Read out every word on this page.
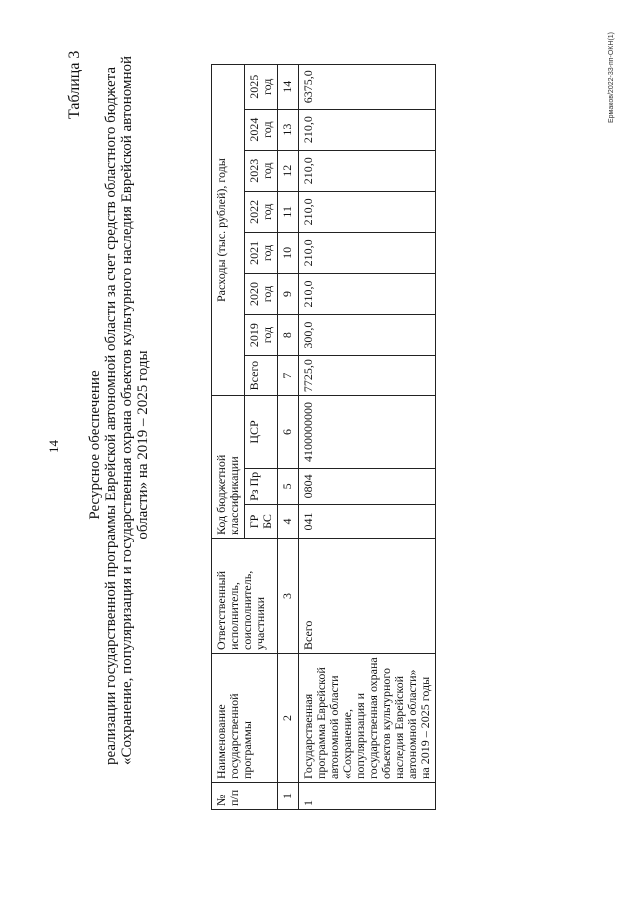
14
Таблица 3
Ресурсное обеспечение реализации государственной программы Еврейской автономной области за счет средств областного бюджета «Сохранение, популяризация и государственная охрана объектов культурного наследия Еврейской автономной области» на 2019 – 2025 годы
№ п/п	Наименование государственной программы	Ответственный исполнитель, соисполнитель, участники	Код бюджетной классификации			Расходы (тыс. рублей), годы							
			ГР БС	Рз Пр	ЦСР	Всего	2019 год	2020 год	2021 год	2022 год	2023 год	2024 год	2025 год
1	2	3	4	5	6	7	8	9	10	11	12	13	14
1	Государственная программа Еврейской автономной области «Сохранение, популяризация и государственная охрана объектов культурного наследия Еврейской автономной области» на 2019 – 2025 годы	Всего	041	0804	4100000000	7725,0	300,0	210,0	210,0	210,0	210,0	210,0	6375,0	Ермаков/2022-33-пп-ОКН(1)
